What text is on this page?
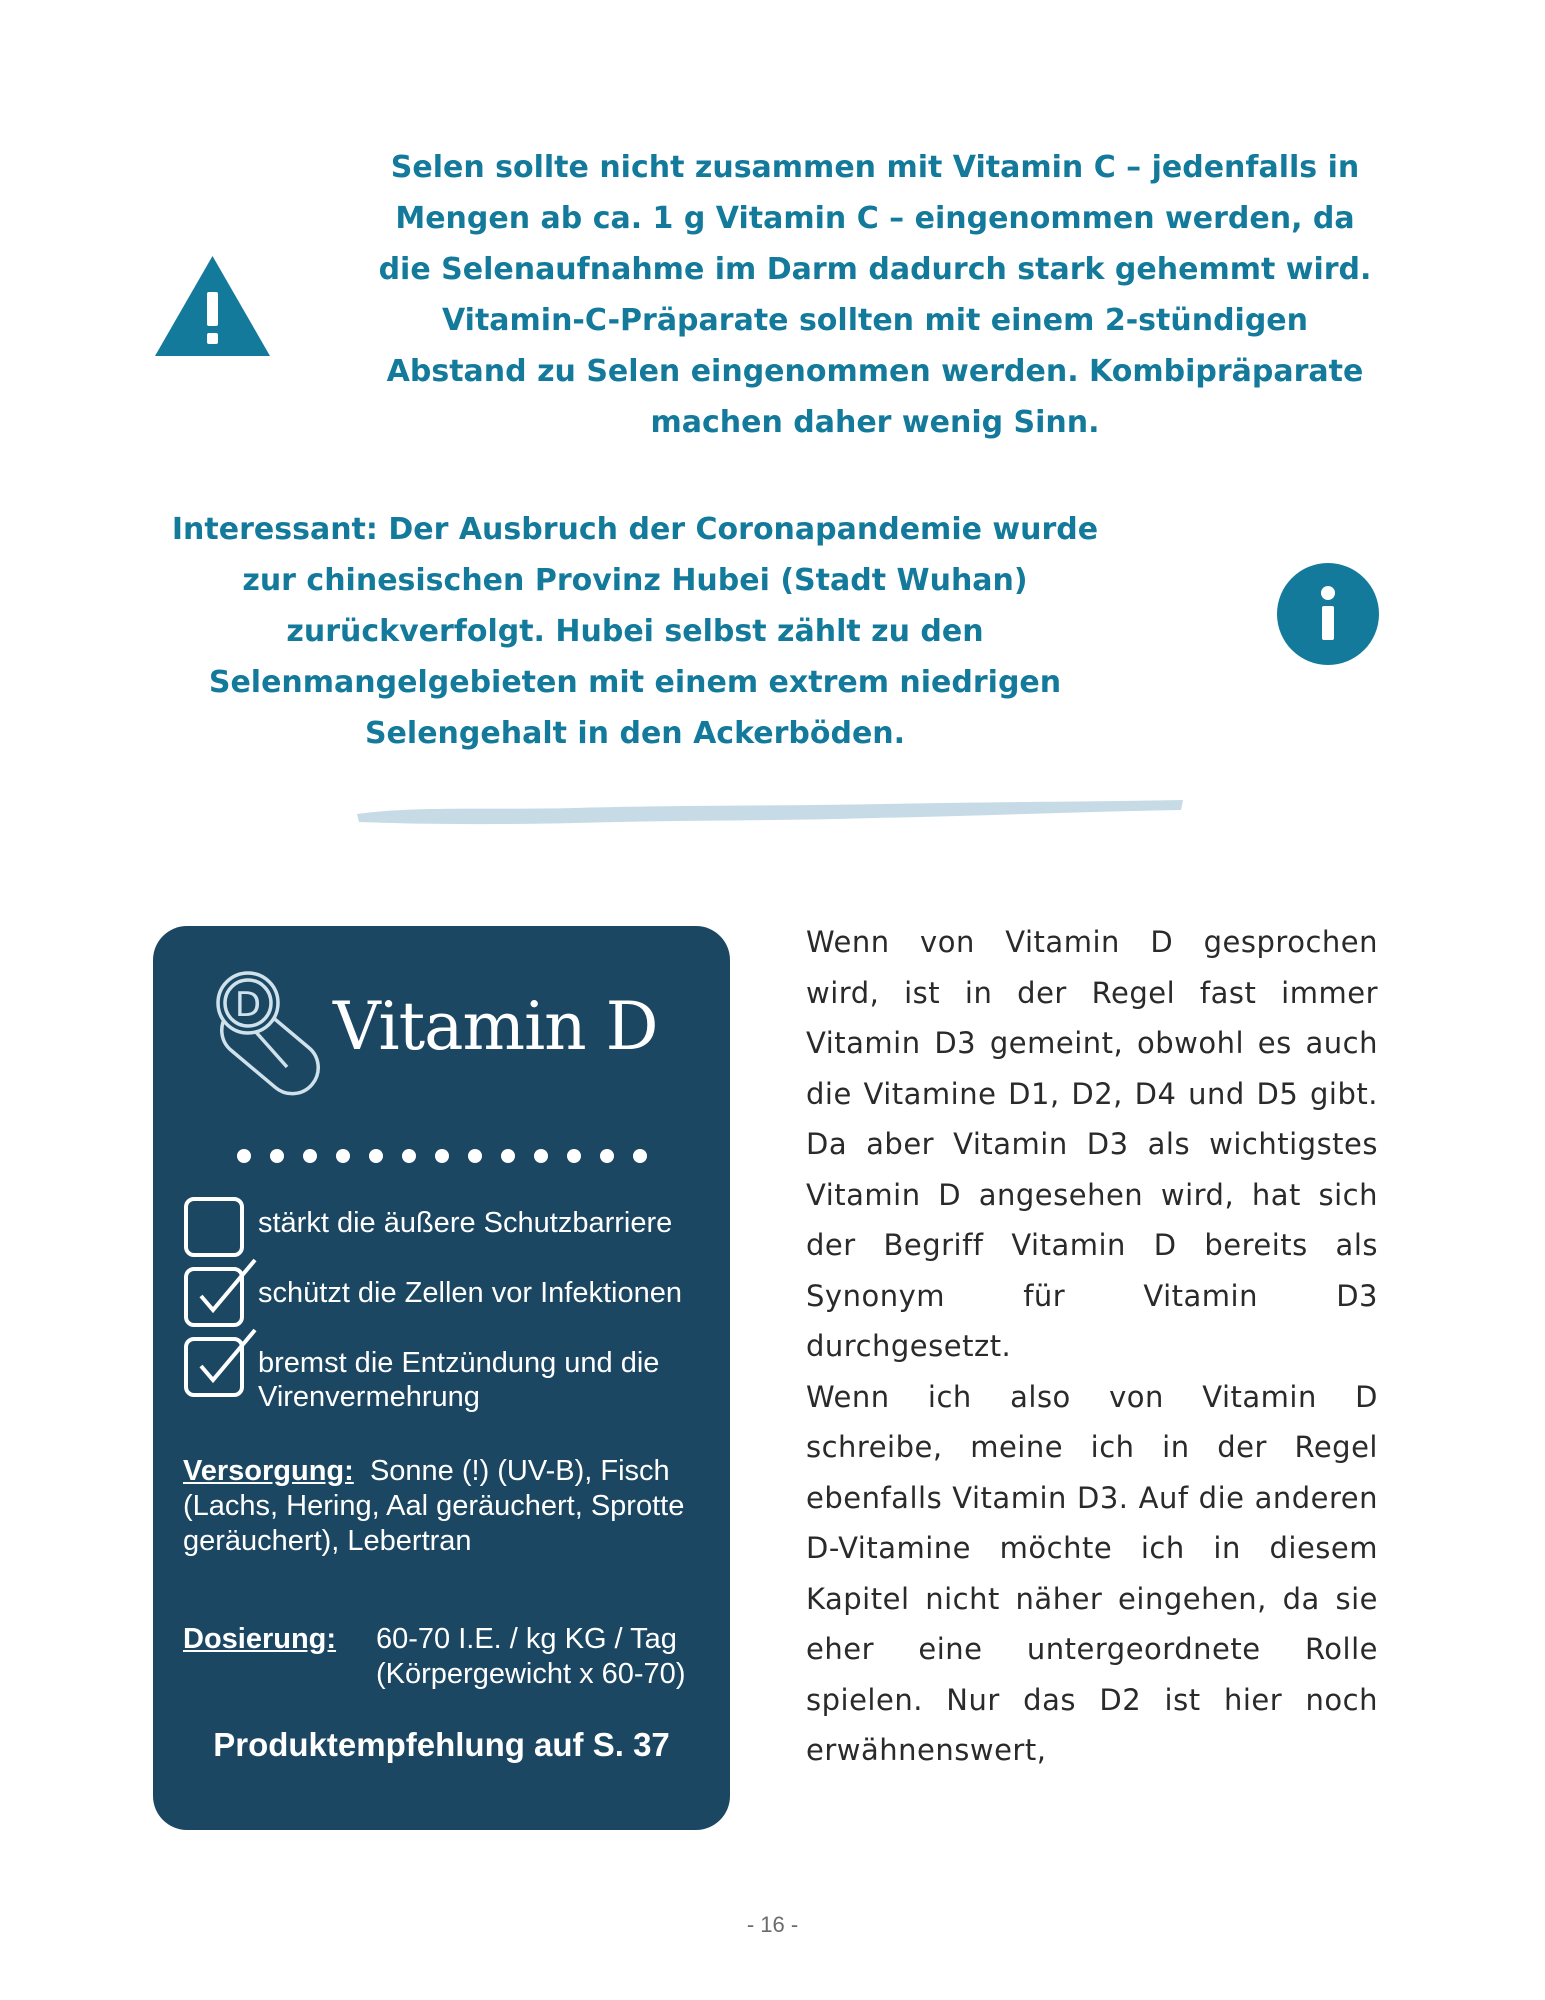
Selen sollte nicht zusammen mit Vitamin C – jedenfalls in Mengen ab ca. 1 g Vitamin C – eingenommen werden, da die Selenaufnahme im Darm dadurch stark gehemmt wird. Vitamin-C-Präparate sollten mit einem 2-stündigen Abstand zu Selen eingenommen werden. Kombipräparate machen daher wenig Sinn.

Interessant: Der Ausbruch der Coronapandemie wurde zur chinesischen Provinz Hubei (Stadt Wuhan) zurückverfolgt. Hubei selbst zählt zu den Selenmangelgebieten mit einem extrem niedrigen Selengehalt in den Ackerböden.

D Vitamin D
stärkt die äußere Schutzbarriere
schützt die Zellen vor Infektionen
bremst die Entzündung und die Virenvermehrung
Versorgung: Sonne (!) (UV-B), Fisch (Lachs, Hering, Aal geräuchert, Sprotte geräuchert), Lebertran
Dosierung: 60-70 I.E. / kg KG / Tag (Körpergewicht x 60-70)
Produktempfehlung auf S. 37

Wenn von Vitamin D gesprochen wird, ist in der Regel fast immer Vitamin D3 gemeint, obwohl es auch die Vitamine D1, D2, D4 und D5 gibt. Da aber Vitamin D3 als wichtigstes Vitamin D angesehen wird, hat sich der Begriff Vitamin D bereits als Synonym für Vitamin D3 durchgesetzt.

Wenn ich also von Vitamin D schreibe, meine ich in der Regel ebenfalls Vitamin D3. Auf die anderen D-Vitamine möchte ich in diesem Kapitel nicht näher eingehen, da sie eher eine untergeordnete Rolle spielen. Nur das D2 ist hier noch erwähnenswert,

- 16 -
